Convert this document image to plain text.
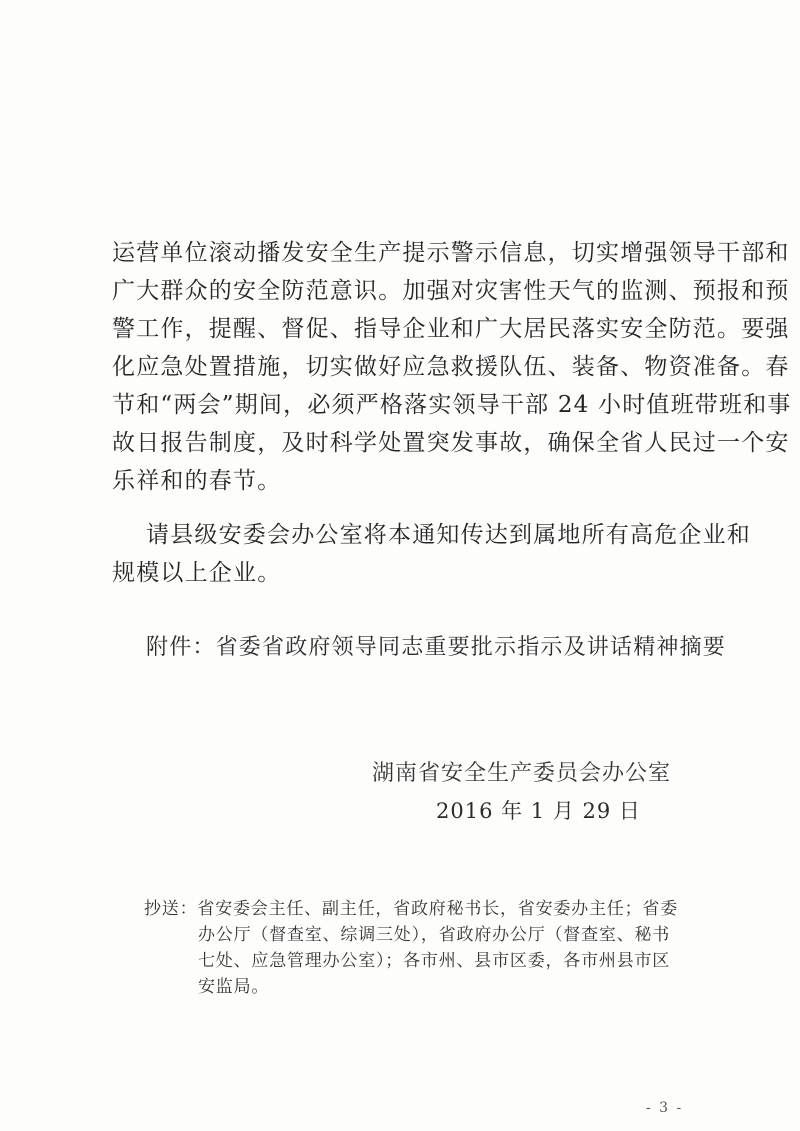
运营单位滚动播发安全生产提示警示信息，切实增强领导干部和
广大群众的安全防范意识。加强对灾害性天气的监测、预报和预
警工作，提醒、督促、指导企业和广大居民落实安全防范。要强
化应急处置措施，切实做好应急救援队伍、装备、物资准备。春
节和“两会”期间，必须严格落实领导干部 24 小时值班带班和事
故日报告制度，及时科学处置突发事故，确保全省人民过一个安
乐祥和的春节。
请县级安委会办公室将本通知传达到属地所有高危企业和
规模以上企业。
附件：省委省政府领导同志重要批示指示及讲话精神摘要
湖南省安全生产委员会办公室
2016 年 1 月 29 日
抄送：省安委会主任、副主任，省政府秘书长，省安委办主任；省委
办公厅（督查室、综调三处），省政府办公厅（督查室、秘书
七处、应急管理办公室）；各市州、县市区委，各市州县市区
安监局。
- 3 -
